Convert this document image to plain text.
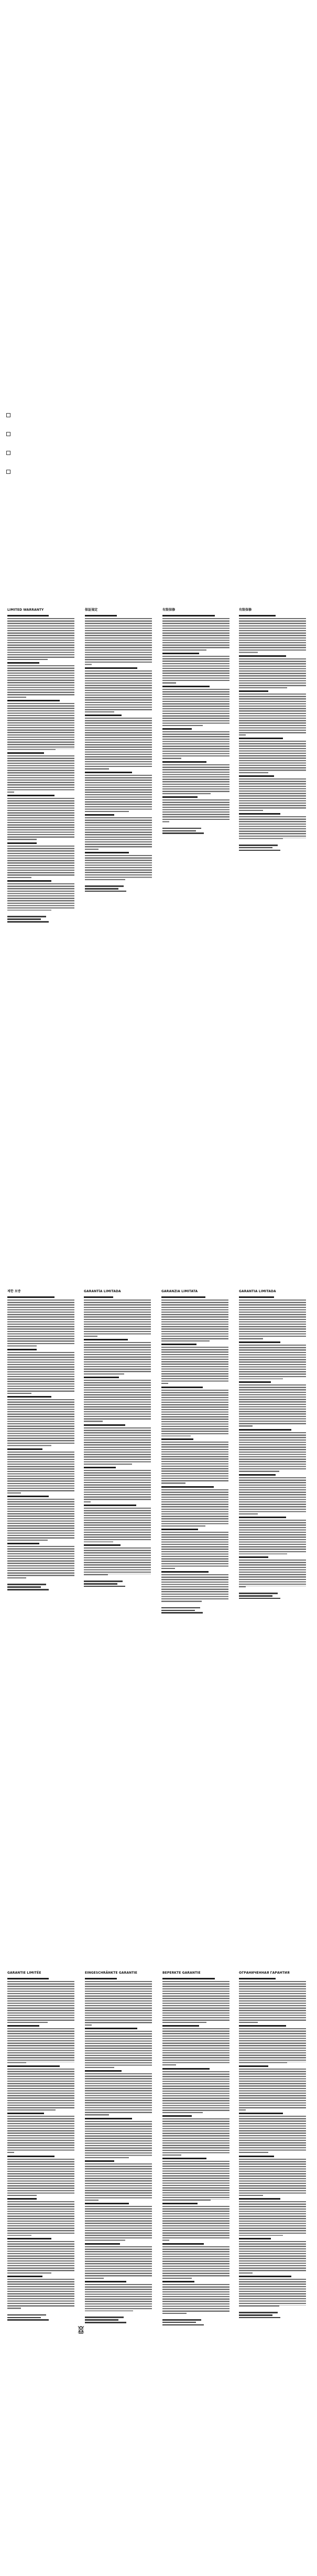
LIMITED WARRANTY	保証規定	有限保修	有限保修
제한 보증	GARANTÍA LIMITADA	GARANZIA LIMITATA	GARANTIA LIMITADA
GARANTIE LIMITÉE	EINGESCHRÄNKTE GARANTIE	BEPERKTE GARANTIE	ОГРАНИЧЕННАЯ ГАРАНТИЯ
